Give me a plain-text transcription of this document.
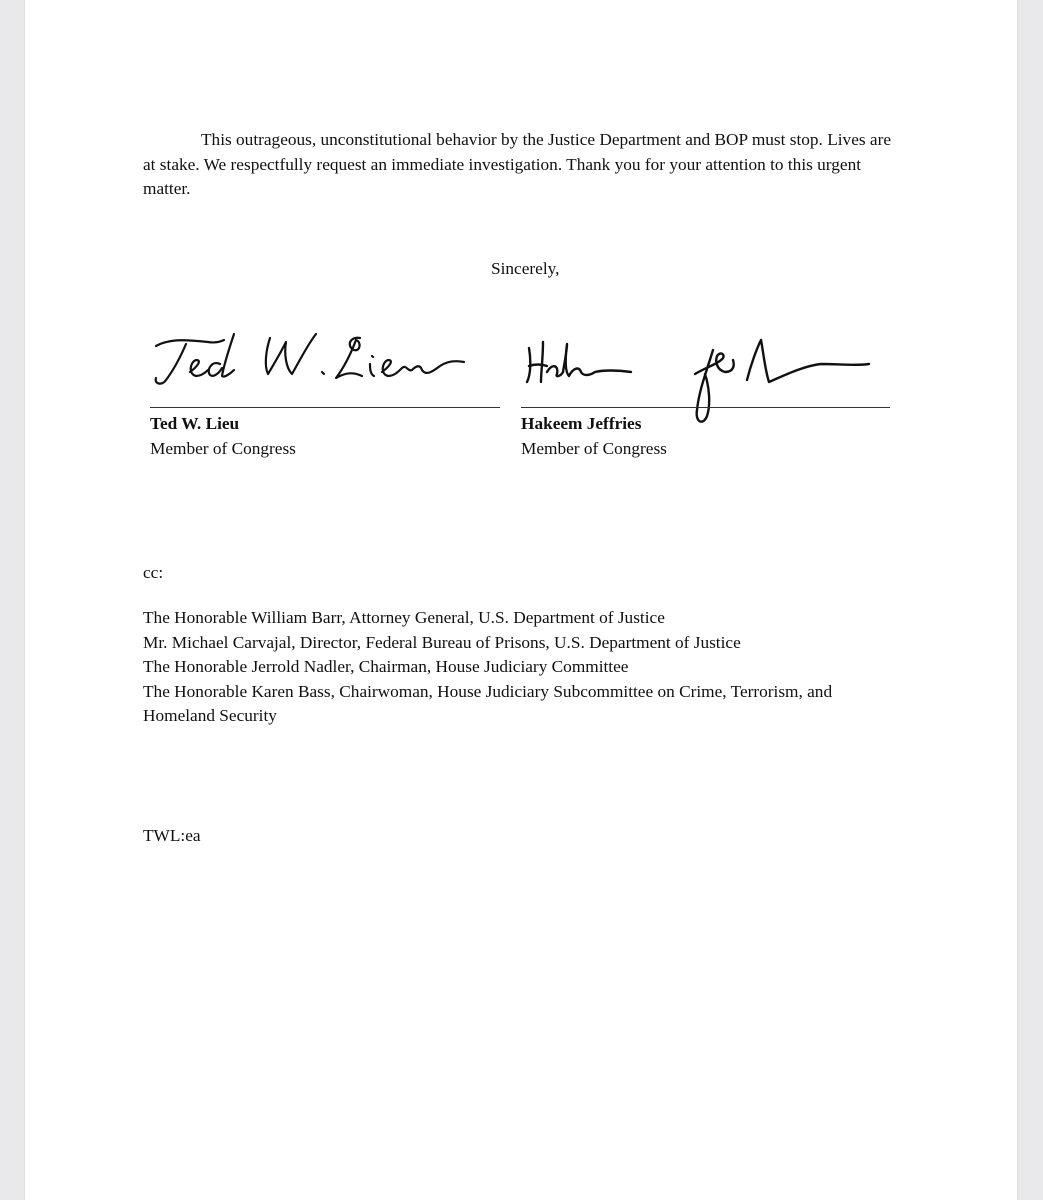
This outrageous, unconstitutional behavior by the Justice Department and BOP must stop. Lives are at stake. We respectfully request an immediate investigation. Thank you for your attention to this urgent matter.

Sincerely,
Ted W. Lieu
Member of Congress
Hakeem Jeffries
Member of Congress
cc:
The Honorable William Barr, Attorney General, U.S. Department of Justice
Mr. Michael Carvajal, Director, Federal Bureau of Prisons, U.S. Department of Justice
The Honorable Jerrold Nadler, Chairman, House Judiciary Committee
The Honorable Karen Bass, Chairwoman, House Judiciary Subcommittee on Crime, Terrorism, and Homeland Security
TWL:ea
